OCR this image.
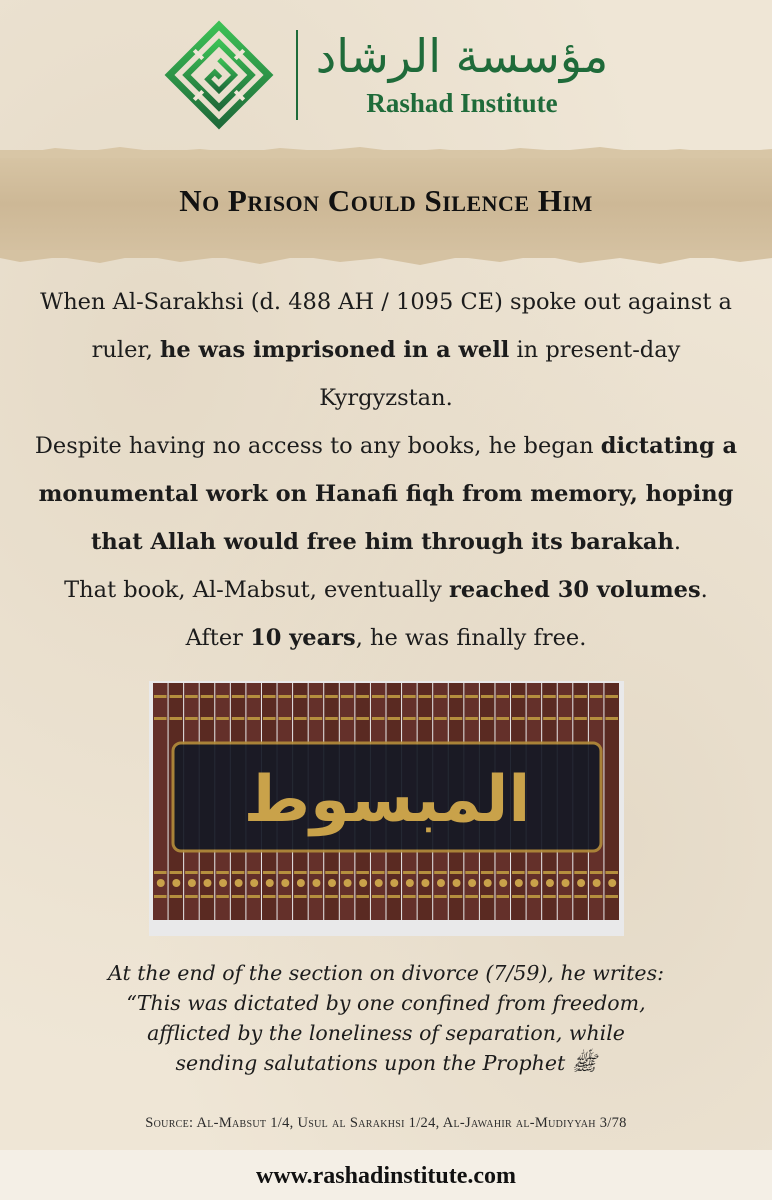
مؤسسة الرشاد
Rashad Institute
No Prison Could Silence Him
When Al-Sarakhsi (d. 488 AH / 1095 CE) spoke out against a
ruler, he was imprisoned in a well in present-day
Kyrgyzstan.
Despite having no access to any books, he began dictating a
monumental work on Hanafi fiqh from memory, hoping
that Allah would free him through its barakah.
That book, Al-Mabsut, eventually reached 30 volumes.
After 10 years, he was finally free.
المبسوط
At the end of the section on divorce (7/59), he writes:
“This was dictated by one confined from freedom,
afflicted by the loneliness of separation, while
sending salutations upon the Prophet ﷺ
Source: Al-Mabsut 1/4, Usul al Sarakhsi 1/24, Al-Jawahir al-Mudiyyah 3/78
www.rashadinstitute.com
